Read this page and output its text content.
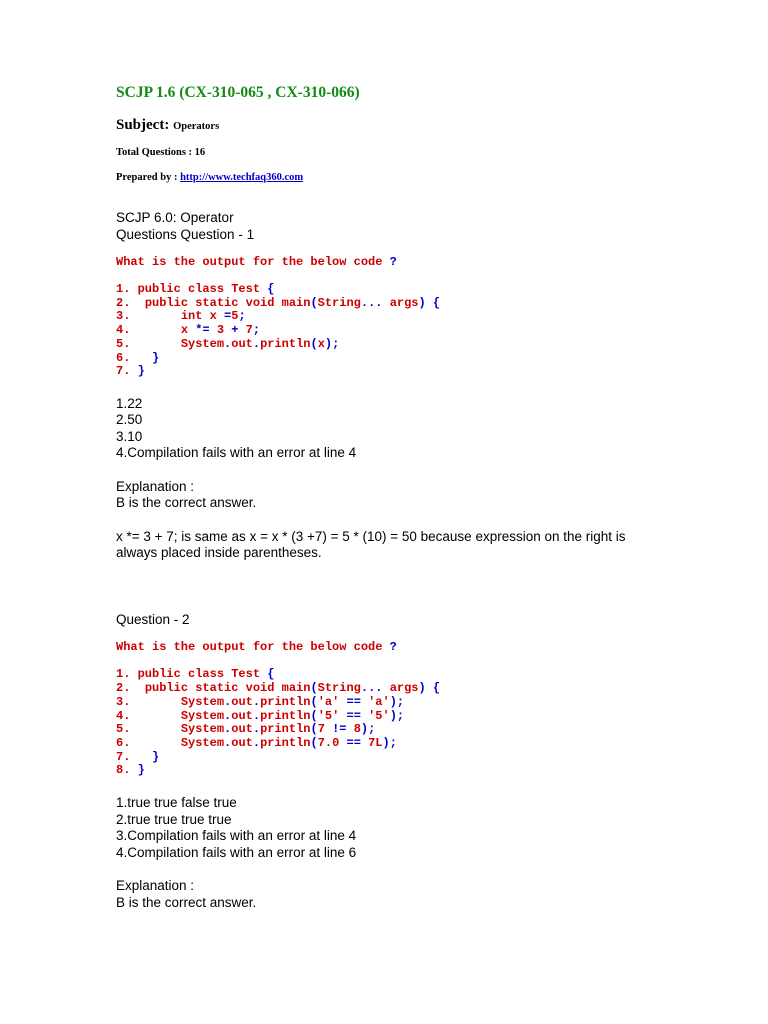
SCJP 1.6 (CX-310-065 , CX-310-066)
Subject: Operators
Total Questions : 16
Prepared by : http://www.techfaq360.com
SCJP 6.0: Operator
Questions Question - 1
What is the output for the below code ?
1. public class Test {
2. public static void main(String... args) {
3.	int x =5;
4.	x *= 3 + 7;
5.	System.out.println(x);
6. }
7. }
1.22
2.50
3.10
4.Compilation fails with an error at line 4
Explanation :
B is the correct answer.
x *= 3 + 7; is same as x = x * (3 +7) = 5 * (10) = 50 because expression on the right is always placed inside parentheses.
Question - 2
What is the output for the below code ?
1. public class Test {
2. public static void main(String... args) {
3.	System.out.println('a' == 'a');
4.	System.out.println('5' == '5');
5.	System.out.println(7 != 8);
6.	System.out.println(7.0 == 7L);
7. }
8. }
1.true true false true
2.true true true true
3.Compilation fails with an error at line 4
4.Compilation fails with an error at line 6
Explanation :
B is the correct answer.
